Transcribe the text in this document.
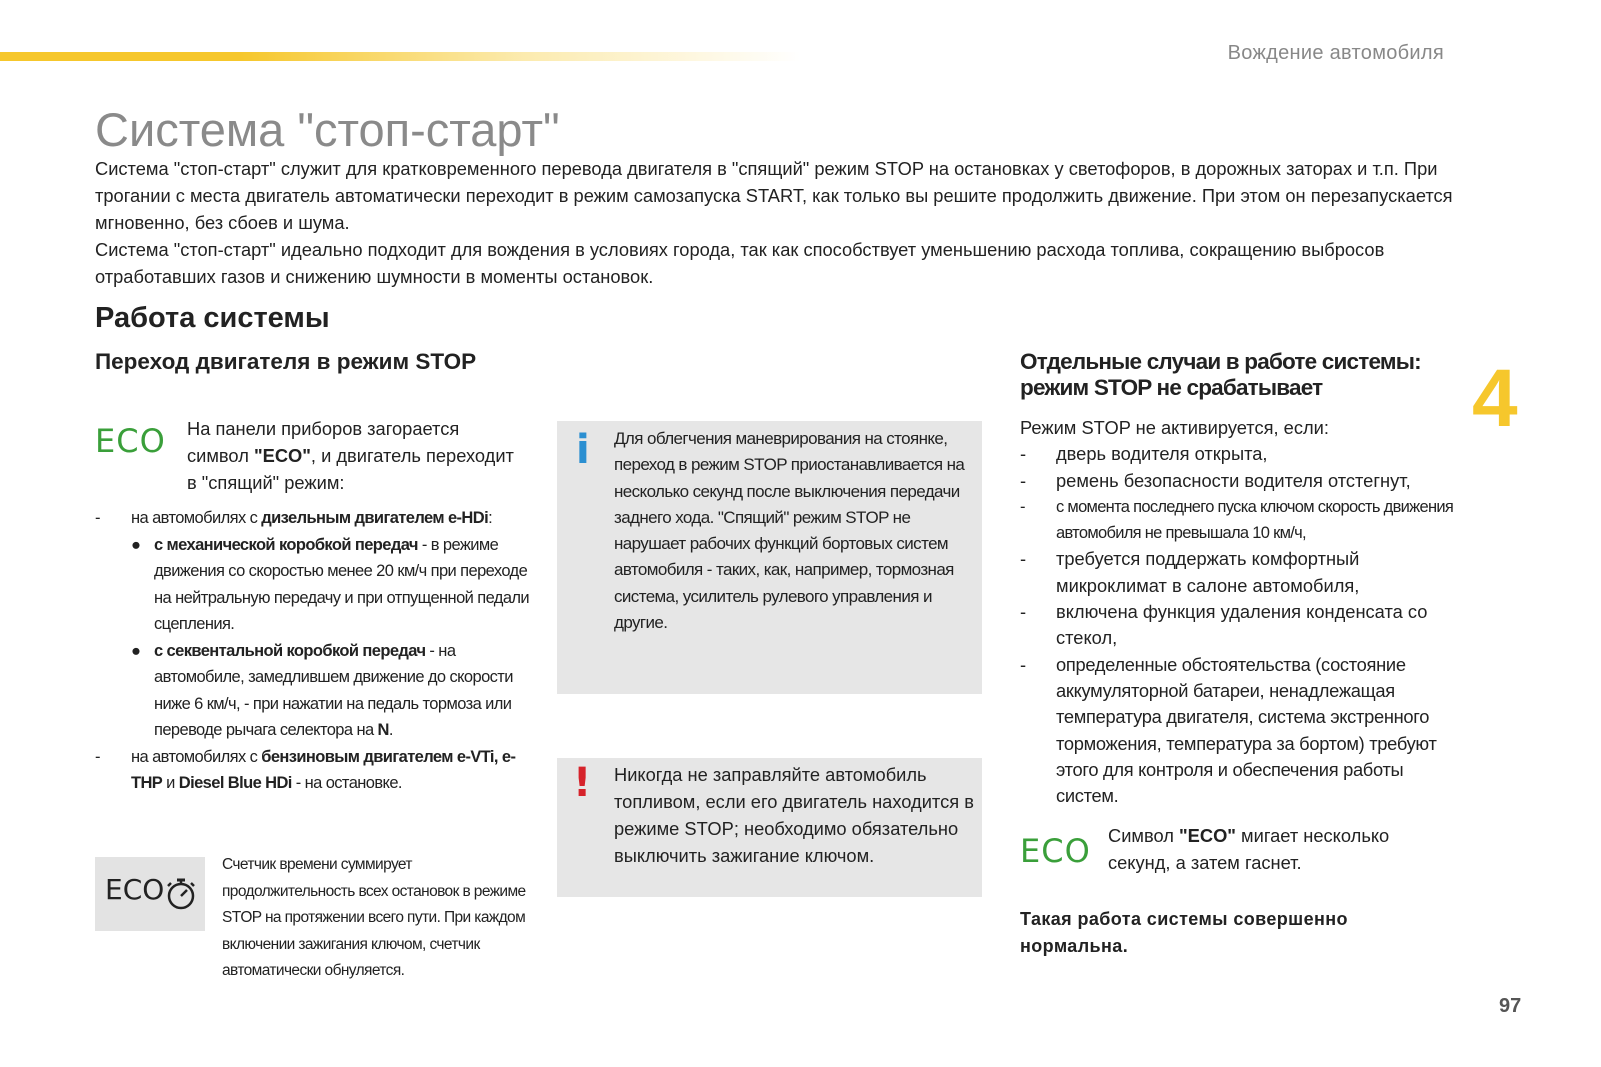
Вождение автомобиля
4
Система "стоп-старт"

Система "стоп-старт" служит для кратковременного перевода двигателя в "спящий" режим STOP на остановках у светофоров, в дорожных заторах и т.п. При трогании с места двигатель автоматически переходит в режим самозапуска START, как только вы решите продолжить движение. При этом он перезапускается мгновенно, без сбоев и шума.

Система "стоп-старт" идеально подходит для вождения в условиях города, так как способствует уменьшению расхода топлива, сокращению выбросов отработавших газов и снижению шумности в моменты остановок.

Работа системы
Переход двигателя в режим STOP
ECO На панели приборов загорается символ "ECO", и двигатель переходит в "спящий" режим:
- на автомобилях с дизельным двигателем e-HDi:
● с механической коробкой передач - в режиме движения со скоростью менее 20 км/ч при переходе на нейтральную передачу и при отпущенной педали сцепления.
● с секвентальной коробкой передач - на автомобиле, замедлившем движение до скорости ниже 6 км/ч, - при нажатии на педаль тормоза или переводе рычага селектора на N.
- на автомобилях с бензиновым двигателем e-VTi, e-THP и Diesel Blue HDi - на остановке.
ECO
Счетчик времени суммирует продолжительность всех остановок в режиме STOP на протяжении всего пути. При каждом включении зажигания ключом, счетчик автоматически обнуляется.
i Для облегчения маневрирования на стоянке, переход в режим STOP приостанавливается на несколько секунд после выключения передачи заднего хода. "Спящий" режим STOP не нарушает рабочих функций бортовых систем автомобиля - таких, как, например, тормозная система, усилитель рулевого управления и другие.
! Никогда не заправляйте автомобиль топливом, если его двигатель находится в режиме STOP; необходимо обязательно выключить зажигание ключом.
Отдельные случаи в работе системы: режим STOP не срабатывает
Режим STOP не активируется, если:
- дверь водителя открыта,
- ремень безопасности водителя отстегнут,
- с момента последнего пуска ключом скорость движения автомобиля не превышала 10 км/ч,
- требуется поддержать комфортный микроклимат в салоне автомобиля,
- включена функция удаления конденсата со стекол,
- определенные обстоятельства (состояние аккумуляторной батареи, ненадлежащая температура двигателя, система экстренного торможения, температура за бортом) требуют этого для контроля и обеспечения работы систем.
ECO Символ "ECO" мигает несколько секунд, а затем гаснет.
Такая работа системы совершенно нормальна.
97
